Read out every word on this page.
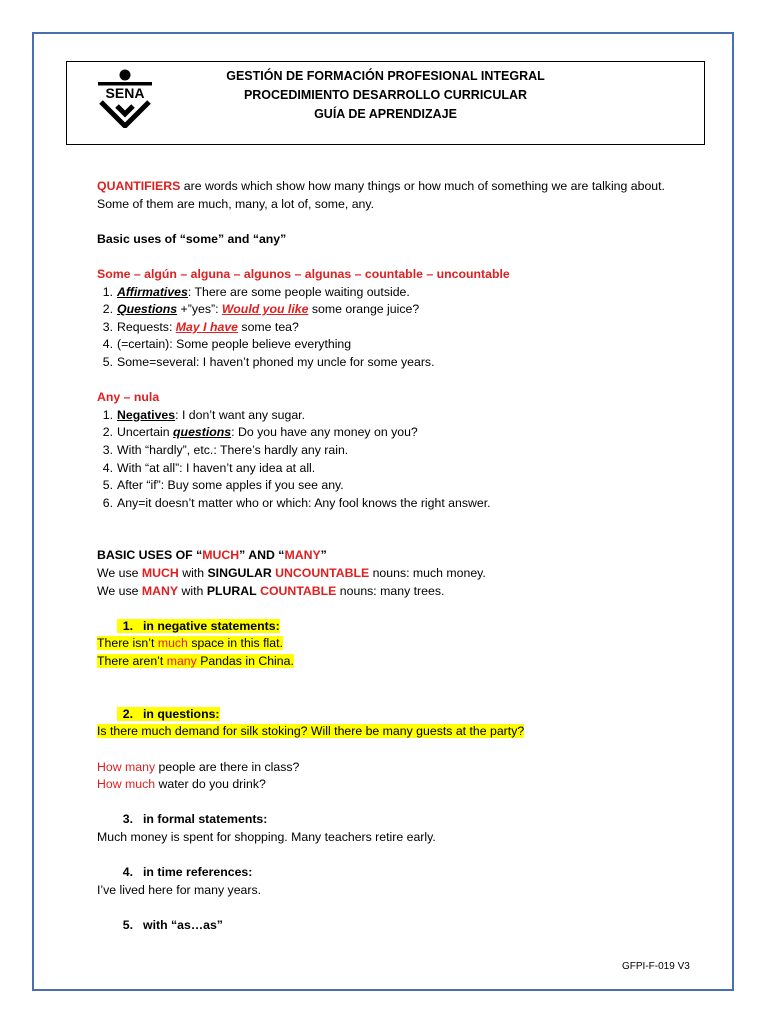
SENA
GESTIÓN DE FORMACIÓN PROFESIONAL INTEGRAL
PROCEDIMIENTO DESARROLLO CURRICULAR
GUÍA DE APRENDIZAJE
QUANTIFIERS are words which show how many things or how much of something we are talking about.
Some of them are much, many, a lot of, some, any.
Basic uses of “some” and “any”
Some – algún – alguna – algunos – algunas – countable – uncountable
1. Affirmatives: There are some people waiting outside.
2. Questions +”yes”: Would you like some orange juice?
3. Requests: May I have some tea?
4. (=certain): Some people believe everything
5. Some=several: I haven’t phoned my uncle for some years.
Any – nula
1. Negatives: I don’t want any sugar.
2. Uncertain questions: Do you have any money on you?
3. With “hardly”, etc.: There’s hardly any rain.
4. With “at all”: I haven’t any idea at all.
5. After “if”: Buy some apples if you see any.
6. Any=it doesn’t matter who or which: Any fool knows the right answer.
BASIC USES OF “MUCH” AND “MANY”
We use MUCH with SINGULAR UNCOUNTABLE nouns: much money.
We use MANY with PLURAL COUNTABLE nouns: many trees.
1. in negative statements:
There isn’t much space in this flat.
There aren’t many Pandas in China.
2. in questions:
Is there much demand for silk stoking? Will there be many guests at the party?
How many people are there in class?
How much water do you drink?
3. in formal statements:
Much money is spent for shopping. Many teachers retire early.
4. in time references:
I’ve lived here for many years.
5. with “as…as”
GFPI-F-019 V3
